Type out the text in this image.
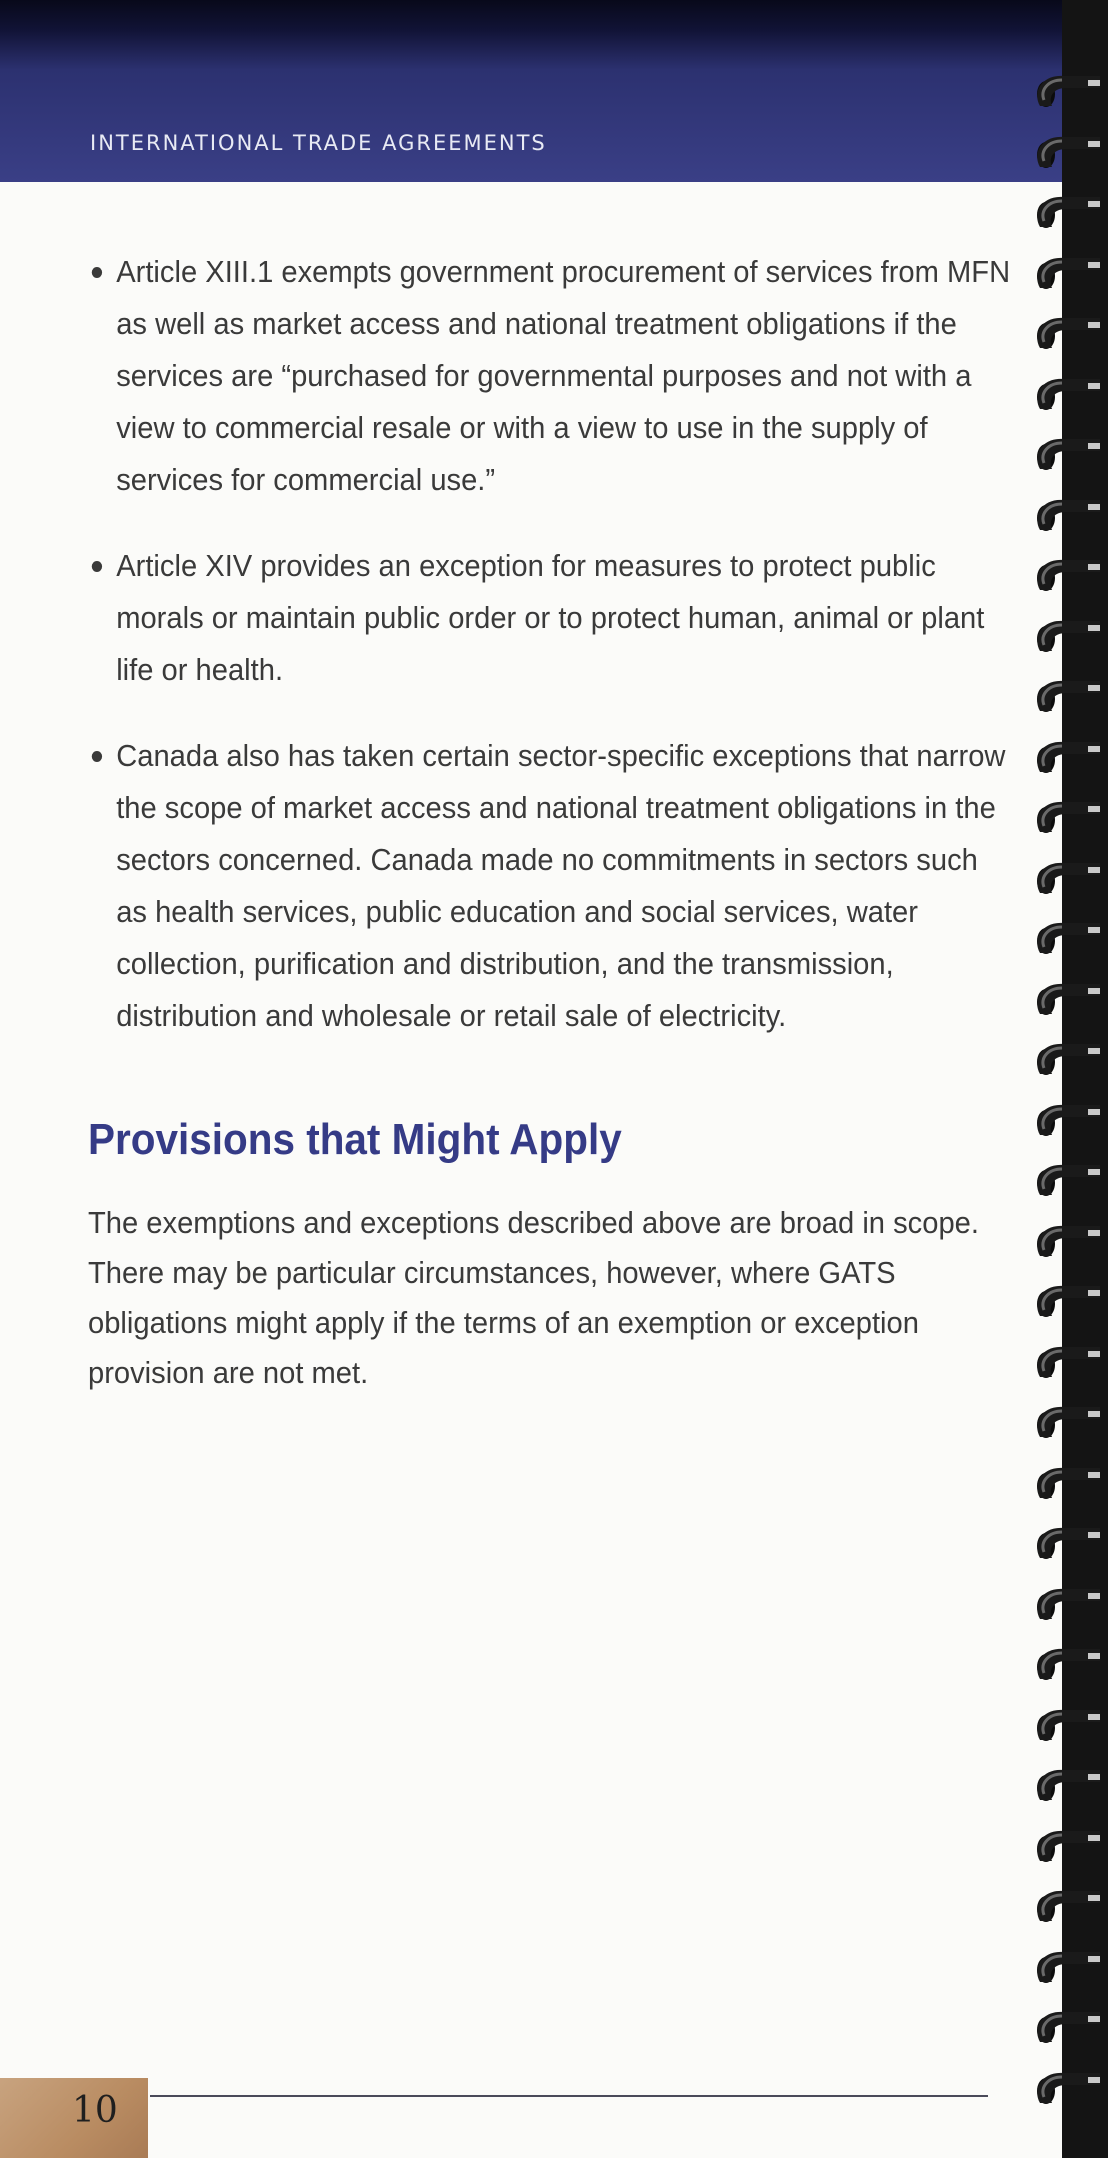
INTERNATIONAL TRADE AGREEMENTS
Article XIII.1 exempts government procurement of services from MFN as well as market access and national treatment obligations if the services are “purchased for governmental purposes and not with a view to commercial resale or with a view to use in the supply of services for commercial use.”
Article XIV provides an exception for measures to protect public morals or maintain public order or to protect human, animal or plant life or health.
Canada also has taken certain sector-specific exceptions that narrow the scope of market access and national treatment obligations in the sectors concerned. Canada made no commitments in sectors such as health services, public education and social services, water collection, purification and distribution, and the transmission, distribution and wholesale or retail sale of electricity.
Provisions that Might Apply
The exemptions and exceptions described above are broad in scope. There may be particular circumstances, however, where GATS obligations might apply if the terms of an exemption or exception provision are not met.
10
